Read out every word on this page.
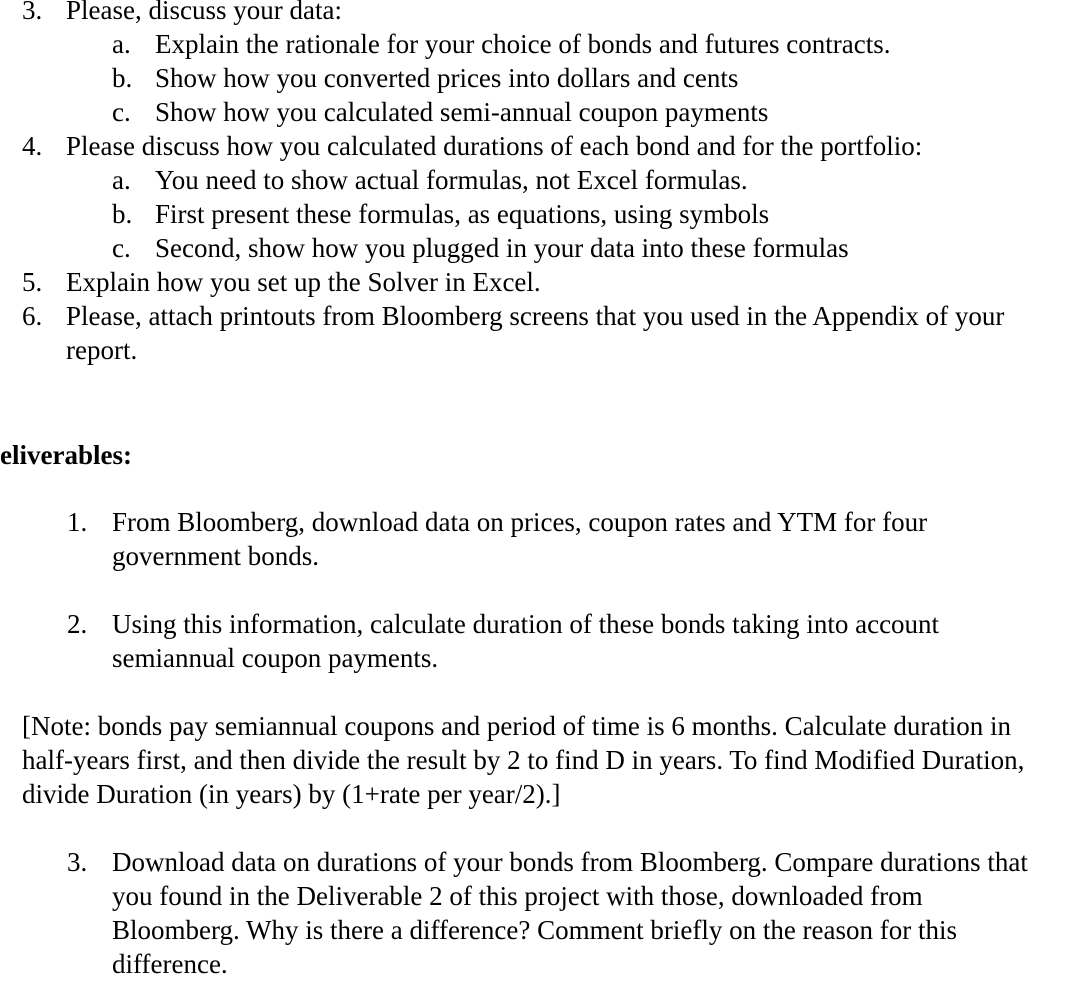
3. Please, discuss your data:
a. Explain the rationale for your choice of bonds and futures contracts.
b. Show how you converted prices into dollars and cents
c. Show how you calculated semi-annual coupon payments
4. Please discuss how you calculated durations of each bond and for the portfolio:
a. You need to show actual formulas, not Excel formulas.
b. First present these formulas, as equations, using symbols
c. Second, show how you plugged in your data into these formulas
5. Explain how you set up the Solver in Excel.
6. Please, attach printouts from Bloomberg screens that you used in the Appendix of your report.
eliverables:
1. From Bloomberg, download data on prices, coupon rates and YTM for four government bonds.
2. Using this information, calculate duration of these bonds taking into account semiannual coupon payments.
[Note: bonds pay semiannual coupons and period of time is 6 months. Calculate duration in half-years first, and then divide the result by 2 to find D in years. To find Modified Duration, divide Duration (in years) by (1+rate per year/2).]
3. Download data on durations of your bonds from Bloomberg. Compare durations that you found in the Deliverable 2 of this project with those, downloaded from Bloomberg. Why is there a difference? Comment briefly on the reason for this difference.
